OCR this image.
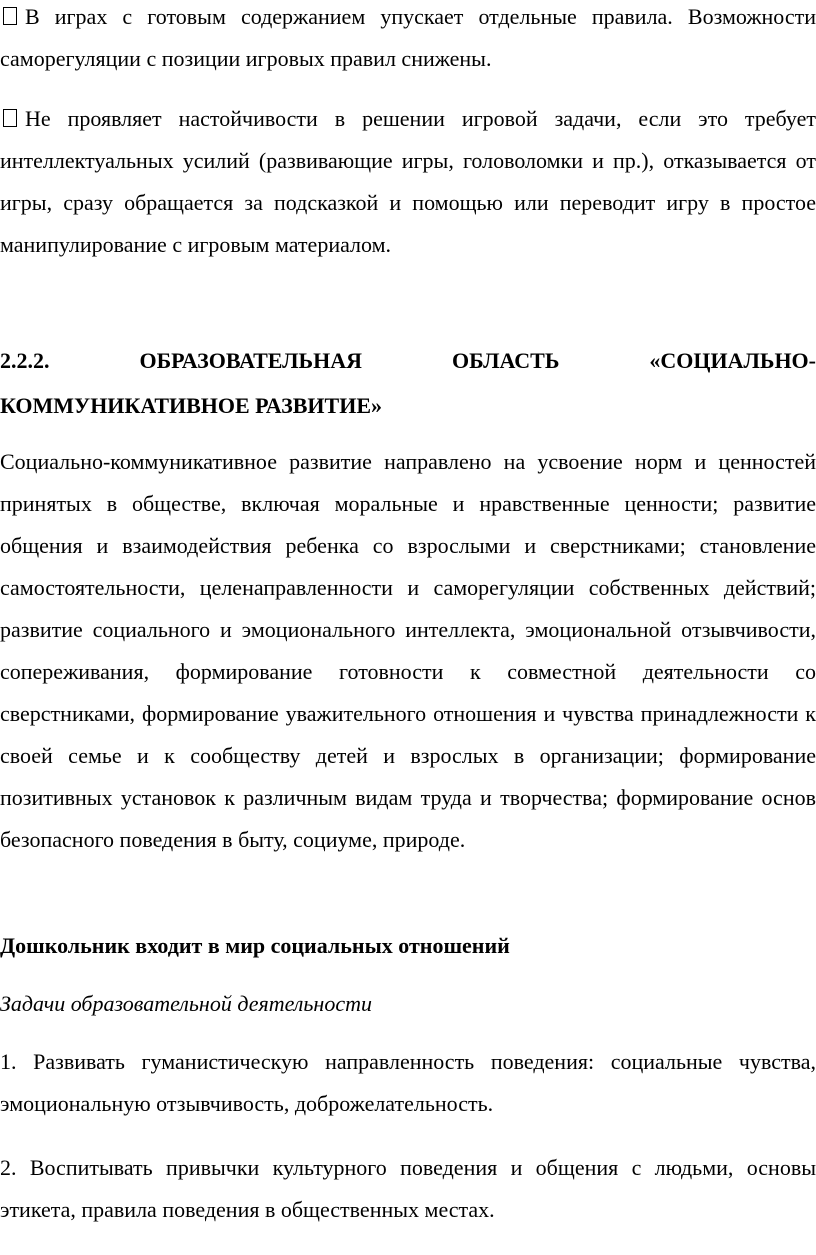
В играх с готовым содержанием упускает отдельные правила. Возможности саморегуляции с позиции игровых правил снижены.

Не проявляет настойчивости в решении игровой задачи, если это требует интеллектуальных усилий (развивающие игры, головоломки и пр.), отказывается от игры, сразу обращается за подсказкой и помощью или переводит игру в простое манипулирование с игровым материалом.

2.2.2.	ОБРАЗОВАТЕЛЬНАЯ	ОБЛАСТЬ	«СОЦИАЛЬНО-

КОММУНИКАТИВНОЕ РАЗВИТИЕ»

Социально-коммуникативное развитие направлено на усвоение норм и ценностей принятых в обществе, включая моральные и нравственные ценности; развитие общения и взаимодействия ребенка со взрослыми и сверстниками; становление самостоятельности, целенаправленности и саморегуляции собственных действий; развитие социального и эмоционального интеллекта, эмоциональной отзывчивости, сопереживания, формирование готовности к совместной деятельности со сверстниками, формирование уважительного отношения и чувства принадлежности к своей семье и к сообществу детей и взрослых в организации; формирование позитивных установок к различным видам труда и творчества; формирование основ безопасного поведения в быту, социуме, природе.

Дошкольник входит в мир социальных отношений

Задачи образовательной деятельности

1. Развивать гуманистическую направленность поведения: социальные чувства, эмоциональную отзывчивость, доброжелательность.

2. Воспитывать привычки культурного поведения и общения с людьми, основы этикета, правила поведения в общественных местах.
